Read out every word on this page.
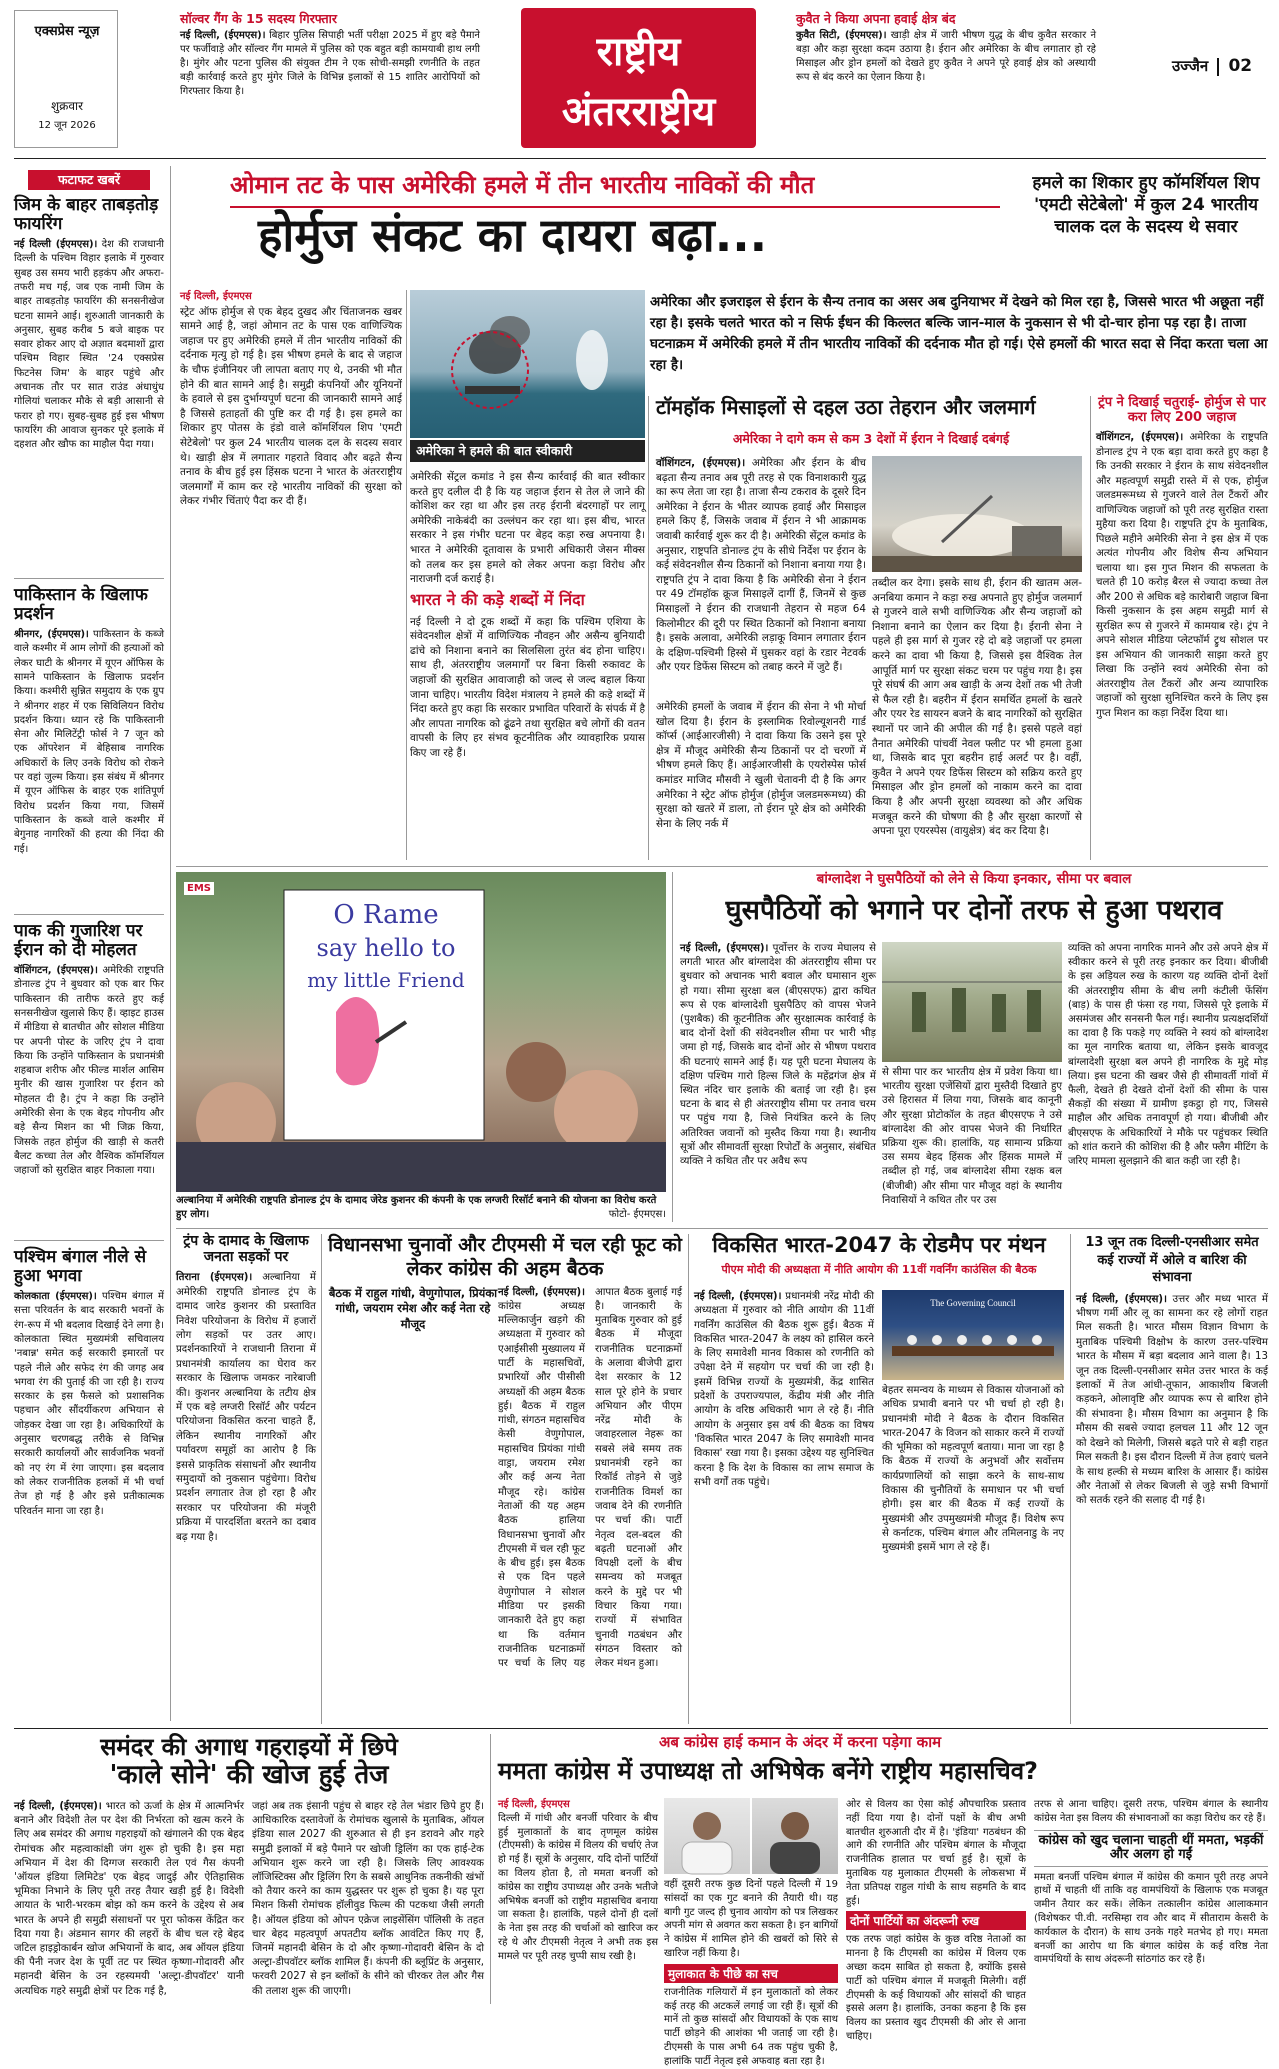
एक्सप्रेस न्यूज़
शुक्रवार
12 जून 2026
सॉल्वर गैंग के 15 सदस्य गिरफ्तार
नई दिल्ली, (ईएमएस)। बिहार पुलिस सिपाही भर्ती परीक्षा 2025 में हुए बड़े पैमाने पर फर्जीवाड़े और सॉल्वर गैंग मामले में पुलिस को एक बहुत बड़ी कामयाबी हाथ लगी है। मुंगेर और पटना पुलिस की संयुक्त टीम ने एक सोची-समझी रणनीति के तहत बड़ी कार्रवाई करते हुए मुंगेर जिले के विभिन्न इलाकों से 15 शातिर आरोपियों को गिरफ्तार किया है।
राष्ट्रीय
अंतरराष्ट्रीय
कुवैत ने किया अपना हवाई क्षेत्र बंद
कुवैत सिटी, (ईएमएस)। खाड़ी क्षेत्र में जारी भीषण युद्ध के बीच कुवैत सरकार ने बड़ा और कड़ा सुरक्षा कदम उठाया है। ईरान और अमेरिका के बीच लगातार हो रहे मिसाइल और ड्रोन हमलों को देखते हुए कुवैत ने अपने पूरे हवाई क्षेत्र को अस्थायी रूप से बंद करने का ऐलान किया है।
उज्जैन 02
फटाफट खबरें
जिम के बाहर ताबड़तोड़ फायरिंग
नई दिल्ली (ईएमएस)। देश की राजधानी दिल्ली के पश्चिम विहार इलाके में गुरुवार सुबह उस समय भारी हड़कंप और अफरा-तफरी मच गई, जब एक नामी जिम के बाहर ताबड़तोड़ फायरिंग की सनसनीखेज घटना सामने आई। शुरुआती जानकारी के अनुसार, सुबह करीब 5 बजे बाइक पर सवार होकर आए दो अज्ञात बदमाशों द्वारा पश्चिम विहार स्थित '24 एक्सप्रेस फिटनेस जिम' के बाहर पहुंचे और अचानक तौर पर सात राउंड अंधाधुंध गोलियां चलाकर मौके से बड़ी आसानी से फरार हो गए। सुबह-सुबह हुई इस भीषण फायरिंग की आवाज सुनकर पूरे इलाके में दहशत और खौफ का माहौल पैदा गया।
पाकिस्तान के खिलाफ प्रदर्शन
श्रीनगर, (ईएमएस)। पाकिस्तान के कब्जे वाले कश्मीर में आम लोगों की हत्याओं को लेकर घाटी के श्रीनगर में यूएन ऑफिस के सामने पाकिस्तान के खिलाफ प्रदर्शन किया। कश्मीरी सुन्नित समुदाय के एक ग्रुप ने श्रीनगर शहर में एक सिविलियन विरोध प्रदर्शन किया। ध्यान रहे कि पाकिस्तानी सेना और मिलिटेंट्री फोर्स ने 7 जून को एक ऑपरेशन में बेहिसाब नागरिक अधिकारों के लिए उनके विरोध को रोकने पर वहां जुल्म किया। इस संबंध में श्रीनगर में यूएन ऑफिस के बाहर एक शांतिपूर्ण विरोध प्रदर्शन किया गया, जिसमें पाकिस्तान के कब्जे वाले कश्मीर में बेगुनाह नागरिकों की हत्या की निंदा की गई।
पाक की गुजारिश पर ईरान को दी मोहलत
वॉशिंगटन, (ईएमएस)। अमेरिकी राष्ट्रपति डोनाल्ड ट्रंप ने बुधवार को एक बार फिर पाकिस्तान की तारीफ करते हुए कई सनसनीखेज खुलासे किए हैं। व्हाइट हाउस में मीडिया से बातचीत और सोशल मीडिया पर अपनी पोस्ट के जरिए ट्रंप ने दावा किया कि उन्होंने पाकिस्तान के प्रधानमंत्री शहबाज शरीफ और फील्ड मार्शल आसिम मुनीर की खास गुजारिश पर ईरान को मोहलत दी है। ट्रंप ने कहा कि उन्होंने अमेरिकी सेना के एक बेहद गोपनीय और बड़े सैन्य मिशन का भी जिक्र किया, जिसके तहत होर्मुज की खाड़ी से कतरी बैलट कच्चा तेल और वैश्विक कॉमर्शियल जहाजों को सुरक्षित बाहर निकाला गया।
पश्चिम बंगाल नीले से हुआ भगवा
कोलकाता (ईएमएस)। पश्चिम बंगाल में सत्ता परिवर्तन के बाद सरकारी भवनों के रंग-रूप में भी बदलाव दिखाई देने लगा है। कोलकाता स्थित मुख्यमंत्री सचिवालय 'नबान्न' समेत कई सरकारी इमारतों पर पहले नीले और सफेद रंग की जगह अब भगवा रंग की पुताई की जा रही है। राज्य सरकार के इस फैसले को प्रशासनिक पहचान और सौंदर्यीकरण अभियान से जोड़कर देखा जा रहा है। अधिकारियों के अनुसार चरणबद्ध तरीके से विभिन्न सरकारी कार्यालयों और सार्वजनिक भवनों को नए रंग में रंगा जाएगा। इस बदलाव को लेकर राजनीतिक हलकों में भी चर्चा तेज हो गई है और इसे प्रतीकात्मक परिवर्तन माना जा रहा है।
ओमान तट के पास अमेरिकी हमले में तीन भारतीय नाविकों की मौत
होर्मुज संकट का दायरा बढ़ा...
हमले का शिकार हुए कॉमर्शियल शिप 'एमटी सेटेबेलो' में कुल 24 भारतीय चालक दल के सदस्य थे सवार
अमेरिका और इजराइल से ईरान के सैन्य तनाव का असर अब दुनियाभर में देखने को मिल रहा है, जिससे भारत भी अछूता नहीं रहा है। इसके चलते भारत को न सिर्फ ईंधन की किल्लत बल्कि जान-माल के नुकसान से भी दो-चार होना पड़ रहा है। ताजा घटनाक्रम में अमेरिकी हमले में तीन भारतीय नाविकों की दर्दनाक मौत हो गई। ऐसे हमलों की भारत सदा से निंदा करता चला आ रहा है।
नई दिल्ली, ईएमएस

स्ट्रेट ऑफ होर्मुज से एक बेहद दुखद और चिंताजनक खबर सामने आई है, जहां ओमान तट के पास एक वाणिज्यिक जहाज पर हुए अमेरिकी हमले में तीन भारतीय नाविकों की दर्दनाक मृत्यु हो गई है। इस भीषण हमले के बाद से जहाज के चौफ इंजीनियर जी लापता बताए गए थे, उनकी भी मौत होने की बात सामने आई है। समुद्री कंपनियों और यूनियनों के हवाले से इस दुर्भाग्यपूर्ण घटना की जानकारी सामने आई है जिससे हताहतों की पुष्टि कर दी गई है। इस हमले का शिकार हुए पोतस के इंडो वाले कॉमर्शियल शिप 'एमटी सेटेबेलो' पर कुल 24 भारतीय चालक दल के सदस्य सवार थे। खाड़ी क्षेत्र में लगातार गहराते विवाद और बढ़ते सैन्य तनाव के बीच हुई इस हिंसक घटना ने भारत के अंतरराष्ट्रीय जलमार्गों में काम कर रहे भारतीय नाविकों की सुरक्षा को लेकर गंभीर चिंताएं पैदा कर दी हैं।

अमेरिका ने हमले की बात स्वीकारी

अमेरिकी सेंट्रल कमांड ने इस सैन्य कार्रवाई की बात स्वीकार करते हुए दलील दी है कि यह जहाज ईरान से तेल ले जाने की कोशिश कर रहा था और इस तरह ईरानी बंदरगाहों पर लागू अमेरिकी नाकेबंदी का उल्लंघन कर रहा था। इस बीच, भारत सरकार ने इस गंभीर घटना पर बेहद कड़ा रुख अपनाया है। भारत ने अमेरिकी दूतावास के प्रभारी अधिकारी जेसन मीक्स को तलब कर इस हमले को लेकर अपना कड़ा विरोध और नाराजगी दर्ज कराई है।

भारत ने की कड़े शब्दों में निंदा

नई दिल्ली ने दो टूक शब्दों में कहा कि पश्चिम एशिया के संवेदनशील क्षेत्रों में वाणिज्यिक नौवहन और असैन्य बुनियादी ढांचे को निशाना बनाने का सिलसिला तुरंत बंद होना चाहिए। साथ ही, अंतरराष्ट्रीय जलमार्गों पर बिना किसी रुकावट के जहाजों की सुरक्षित आवाजाही को जल्द से जल्द बहाल किया जाना चाहिए। भारतीय विदेश मंत्रालय ने हमले की कड़े शब्दों में निंदा करते हुए कहा कि सरकार प्रभावित परिवारों के संपर्क में है और लापता नागरिक को ढूंढने तथा सुरक्षित बचे लोगों की वतन वापसी के लिए हर संभव कूटनीतिक और व्यावहारिक प्रयास किए जा रहे हैं।

टॉमहॉक मिसाइलों से दहल उठा तेहरान और जलमार्ग
अमेरिका ने दागे कम से कम 3 देशों में ईरान ने दिखाई दबंगई
वॉशिंगटन, (ईएमएस)। अमेरिका और ईरान के बीच बढ़ता सैन्य तनाव अब पूरी तरह से एक विनाशकारी युद्ध का रूप लेता जा रहा है। ताजा सैन्य टकराव के दूसरे दिन अमेरिका ने ईरान के भीतर व्यापक हवाई और मिसाइल हमले किए हैं, जिसके जवाब में ईरान ने भी आक्रामक जवाबी कार्रवाई शुरू कर दी है। अमेरिकी सेंट्रल कमांड के अनुसार, राष्ट्रपति डोनाल्ड ट्रंप के सीधे निर्देश पर ईरान के कई संवेदनशील सैन्य ठिकानों को निशाना बनाया गया है। राष्ट्रपति ट्रंप ने दावा किया है कि अमेरिकी सेना ने ईरान पर 49 टॉमहॉक क्रूज मिसाइलें दागीं हैं, जिनमें से कुछ मिसाइलों ने ईरान की राजधानी तेहरान से महज 64 किलोमीटर की दूरी पर स्थित ठिकानों को निशाना बनाया है। इसके अलावा, अमेरिकी लड़ाकू विमान लगातार ईरान के दक्षिण-पश्चिमी हिस्से में घुसकर वहां के रडार नेटवर्क और एयर डिफेंस सिस्टम को तबाह करने में जुटे हैं।
अमेरिकी हमलों के जवाब में ईरान की सेना ने भी मोर्चा खोल दिया है। ईरान के इस्लामिक रिवोल्यूशनरी गार्ड कॉर्प्स (आईआरजीसी) ने दावा किया कि उसने इस पूरे क्षेत्र में मौजूद अमेरिकी सैन्य ठिकानों पर दो चरणों में भीषण हमले किए हैं। आईआरजीसी के एयरोस्पेस फोर्स कमांडर माजिद मौसवी ने खुली चेतावनी दी है कि अगर अमेरिका ने स्ट्रेट ऑफ होर्मुज (होर्मुज जलडमरूमध्य) की सुरक्षा को खतरे में डाला, तो ईरान पूरे क्षेत्र को अमेरिकी सेना के लिए नर्क में
तब्दील कर देगा। इसके साथ ही, ईरान की खातम अल-अनबिया कमान ने कड़ा रुख अपनाते हुए होर्मुज जलमार्ग से गुजरने वाले सभी वाणिज्यिक और सैन्य जहाजों को निशाना बनाने का ऐलान कर दिया है। ईरानी सेना ने पहले ही इस मार्ग से गुजर रहे दो बड़े जहाजों पर हमला करने का दावा भी किया है, जिससे इस वैश्विक तेल आपूर्ति मार्ग पर सुरक्षा संकट चरम पर पहुंच गया है। इस पूरे संघर्ष की आग अब खाड़ी के अन्य देशों तक भी तेजी से फैल रही है। बहरीन में ईरान समर्थित हमलों के खतरे और एयर रेड सायरन बजने के बाद नागरिकों को सुरक्षित स्थानों पर जाने की अपील की गई है। इससे पहले वहां तैनात अमेरिकी पांचवीं नेवल फ्लीट पर भी हमला हुआ था, जिसके बाद पूरा बहरीन हाई अलर्ट पर है। वहीं, कुवैत ने अपने एयर डिफेंस सिस्टम को सक्रिय करते हुए मिसाइल और ड्रोन हमलों को नाकाम करने का दावा किया है और अपनी सुरक्षा व्यवस्था को और अधिक मजबूत करने की घोषणा की है और सुरक्षा कारणों से अपना पूरा एयरस्पेस (वायुक्षेत्र) बंद कर दिया है।
ट्रंप ने दिखाई चतुराई- होर्मुज से पार करा लिए 200 जहाज
वॉशिंगटन, (ईएमएस)। अमेरिका के राष्ट्रपति डोनाल्ड ट्रंप ने एक बड़ा दावा करते हुए कहा है कि उनकी सरकार ने ईरान के साथ संवेदनशील और महत्वपूर्ण समुद्री रास्ते में से एक, होर्मुज जलडमरूमध्य से गुजरने वाले तेल टैंकरों और वाणिज्यिक जहाजों को पूरी तरह सुरक्षित रास्ता मुहैया करा दिया है। राष्ट्रपति ट्रंप के मुताबिक, पिछले महीने अमेरिकी सेना ने इस क्षेत्र में एक अत्यंत गोपनीय और विशेष सैन्य अभियान चलाया था। इस गुप्त मिशन की सफलता के चलते ही 10 करोड़ बैरल से ज्यादा कच्चा तेल और 200 से अधिक बड़े कारोबारी जहाज बिना किसी नुकसान के इस अहम समुद्री मार्ग से सुरक्षित रूप से गुजरने में कामयाब रहे। ट्रंप ने अपने सोशल मीडिया प्लेटफॉर्म ट्रुथ सोशल पर इस अभियान की जानकारी साझा करते हुए लिखा कि उन्होंने स्वयं अमेरिकी सेना को अंतरराष्ट्रीय तेल टैंकरों और अन्य व्यापारिक जहाजों को सुरक्षा सुनिश्चित करने के लिए इस गुप्त मिशन का कड़ा निर्देश दिया था।
O Rame
say hello to
my little Friend
EMS
अल्बानिया में अमेरिकी राष्ट्रपति डोनाल्ड ट्रंप के दामाद जेरेड कुशनर की कंपनी के एक लग्जरी रिसॉर्ट बनाने की योजना का विरोध करते हुए लोग।	फोटो- ईएमएस।
बांग्लादेश ने घुसपैठियों को लेने से किया इनकार, सीमा पर बवाल
घुसपैठियों को भगाने पर दोनों तरफ से हुआ पथराव
नई दिल्ली, (ईएमएस)। पूर्वोत्तर के राज्य मेघालय से लगती भारत और बांग्लादेश की अंतरराष्ट्रीय सीमा पर बुधवार को अचानक भारी बवाल और घमासान शुरू हो गया। सीमा सुरक्षा बल (बीएसएफ) द्वारा कथित रूप से एक बांग्लादेशी घुसपैठिए को वापस भेजने (पुशबैक) की कूटनीतिक और सुरक्षात्मक कार्रवाई के बाद दोनों देशों की संवेदनशील सीमा पर भारी भीड़ जमा हो गई, जिसके बाद दोनों ओर से भीषण पथराव की घटनाएं सामने आई हैं। यह पूरी घटना मेघालय के दक्षिण पश्चिम गारो हिल्स जिले के महेंद्रगंज क्षेत्र में स्थित नंदिर चार इलाके की बताई जा रही है। इस घटना के बाद से ही अंतरराष्ट्रीय सीमा पर तनाव चरम पर पहुंच गया है, जिसे नियंत्रित करने के लिए अतिरिक्त जवानों को मुस्तैद किया गया है। स्थानीय सूत्रों और सीमावर्ती सुरक्षा रिपोर्टों के अनुसार, संबंधित व्यक्ति ने कथित तौर पर अवैध रूप
से सीमा पार कर भारतीय क्षेत्र में प्रवेश किया था। भारतीय सुरक्षा एजेंसियों द्वारा मुस्तैदी दिखाते हुए उसे हिरासत में लिया गया, जिसके बाद कानूनी और सुरक्षा प्रोटोकॉल के तहत बीएसएफ ने उसे बांग्लादेश की ओर वापस भेजने की निर्धारित प्रक्रिया शुरू की। हालांकि, यह सामान्य प्रक्रिया उस समय बेहद हिंसक और हिंसक मामले में तब्दील हो गई, जब बांग्लादेश सीमा रक्षक बल (बीजीबी) और सीमा पार मौजूद वहां के स्थानीय निवासियों ने कथित तौर पर उस
व्यक्ति को अपना नागरिक मानने और उसे अपने क्षेत्र में स्वीकार करने से पूरी तरह इनकार कर दिया। बीजीबी के इस अड़ियल रुख के कारण यह व्यक्ति दोनों देशों की अंतरराष्ट्रीय सीमा के बीच लगी कंटीली फेंसिंग (बाड़) के पास ही फंसा रह गया, जिससे पूरे इलाके में असमंजस और सनसनी फैल गई। स्थानीय प्रत्यक्षदर्शियों का दावा है कि पकड़े गए व्यक्ति ने स्वयं को बांग्लादेश का मूल नागरिक बताया था, लेकिन इसके बावजूद बांग्लादेशी सुरक्षा बल अपने ही नागरिक के मुद्दे मोड़ लिया। इस घटना की खबर जैसे ही सीमावर्ती गांवों में फैली, देखते ही देखते दोनों देशों की सीमा के पास सैकड़ों की संख्या में ग्रामीण इकट्ठा हो गए, जिससे माहौल और अधिक तनावपूर्ण हो गया। बीजीबी और बीएसएफ के अधिकारियों ने मौके पर पहुंचकर स्थिति को शांत कराने की कोशिश की है और फ्लैग मीटिंग के जरिए मामला सुलझाने की बात कही जा रही है।
ट्रंप के दामाद के खिलाफ जनता सड़कों पर
तिराना (ईएमएस)। अल्बानिया में अमेरिकी राष्ट्रपति डोनाल्ड ट्रंप के दामाद जारेड कुशनर की प्रस्तावित निवेश परियोजना के विरोध में हजारों लोग सड़कों पर उतर आए। प्रदर्शनकारियों ने राजधानी तिराना में प्रधानमंत्री कार्यालय का घेराव कर सरकार के खिलाफ जमकर नारेबाजी की। कुशनर अल्बानिया के तटीय क्षेत्र में एक बड़े लग्जरी रिसॉर्ट और पर्यटन परियोजना विकसित करना चाहते हैं, लेकिन स्थानीय नागरिकों और पर्यावरण समूहों का आरोप है कि इससे प्राकृतिक संसाधनों और स्थानीय समुदायों को नुकसान पहुंचेगा। विरोध प्रदर्शन लगातार तेज हो रहा है और सरकार पर परियोजना की मंजूरी प्रक्रिया में पारदर्शिता बरतने का दबाव बढ़ गया है।
विधानसभा चुनावों और टीएमसी में चल रही फूट को लेकर कांग्रेस की अहम बैठक
बैठक में राहुल गांधी, वेणुगोपाल, प्रियंका गांधी, जयराम रमेश और कई नेता रहे मौजूद
नई दिल्ली, (ईएमएस)। कांग्रेस अध्यक्ष मल्लिकार्जुन खड़गे की अध्यक्षता में गुरुवार को एआईसीसी मुख्यालय में पार्टी के महासचिवों, प्रभारियों और पीसीसी अध्यक्षों की अहम बैठक हुई। बैठक में राहुल गांधी, संगठन महासचिव केसी वेणुगोपाल, महासचिव प्रियंका गांधी वाड्रा, जयराम रमेश और कई अन्य नेता मौजूद रहे। कांग्रेस नेताओं की यह अहम बैठक हालिया विधानसभा चुनावों और टीएमसी में चल रही फूट के बीच हुई। इस बैठक से एक दिन पहले वेणुगोपाल ने सोशल मीडिया पर इसकी जानकारी देते हुए कहा था कि वर्तमान राजनीतिक घटनाक्रमों पर चर्चा के लिए यह आपात बैठक बुलाई गई है। जानकारी के मुताबिक गुरुवार को हुई बैठक में मौजूदा राजनीतिक घटनाक्रमों के अलावा बीजेपी द्वारा देश सरकार के 12 साल पूरे होने के प्रचार अभियान और पीएम नरेंद्र मोदी के जवाहरलाल नेहरू का सबसे लंबे समय तक प्रधानमंत्री रहने का रिकॉर्ड तोड़ने से जुड़े राजनीतिक विमर्श का जवाब देने की रणनीति पर चर्चा की। पार्टी नेतृत्व दल-बदल की बढ़ती घटनाओं और विपक्षी दलों के बीच समन्वय को मजबूत करने के मुद्दे पर भी विचार किया गया। राज्यों में संभावित चुनावी गठबंधन और संगठन विस्तार को लेकर मंथन हुआ।
विकसित भारत-2047 के रोडमैप पर मंथन
पीएम मोदी की अध्यक्षता में नीति आयोग की 11वीं गवर्निंग काउंसिल की बैठक
नई दिल्ली, (ईएमएस)। प्रधानमंत्री नरेंद्र मोदी की अध्यक्षता में गुरुवार को नीति आयोग की 11वीं गवर्निंग काउंसिल की बैठक शुरू हुई। बैठक में विकसित भारत-2047 के लक्ष्य को हासिल करने के लिए समावेशी मानव विकास को रणनीति को उपेक्षा देने में सहयोग पर चर्चा की जा रही है। इसमें विभिन्न राज्यों के मुख्यमंत्री, केंद्र शासित प्रदेशों के उपराज्यपाल, केंद्रीय मंत्री और नीति आयोग के वरिष्ठ अधिकारी भाग ले रहे हैं। नीति आयोग के अनुसार इस वर्ष की बैठक का विषय 'विकसित भारत 2047 के लिए समावेशी मानव विकास' रखा गया है। इसका उद्देश्य यह सुनिश्चित करना है कि देश के विकास का लाभ समाज के सभी वर्गों तक पहुंचे।
The Governing Council
बेहतर समन्वय के माध्यम से विकास योजनाओं को अधिक प्रभावी बनाने पर भी चर्चा हो रही है। प्रधानमंत्री मोदी ने बैठक के दौरान विकसित भारत-2047 के विजन को साकार करने में राज्यों की भूमिका को महत्वपूर्ण बताया। माना जा रहा है कि बैठक में राज्यों के अनुभवों और सर्वोत्तम कार्यप्रणालियों को साझा करने के साथ-साथ विकास की चुनौतियों के समाधान पर भी चर्चा होगी। इस बार की बैठक में कई राज्यों के मुख्यमंत्री और उपमुख्यमंत्री मौजूद हैं। विशेष रूप से कर्नाटक, पश्चिम बंगाल और तमिलनाडु के नए मुख्यमंत्री इसमें भाग ले रहे हैं।
13 जून तक दिल्ली-एनसीआर समेत कई राज्यों में ओले व बारिश की संभावना
नई दिल्ली, (ईएमएस)। उत्तर और मध्य भारत में भीषण गर्मी और लू का सामना कर रहे लोगों राहत मिल सकती है। भारत मौसम विज्ञान विभाग के मुताबिक पश्चिमी विक्षोभ के कारण उत्तर-पश्चिम भारत के मौसम में बड़ा बदलाव आने वाला है। 13 जून तक दिल्ली-एनसीआर समेत उत्तर भारत के कई इलाकों में तेज आंधी-तूफान, आकाशीय बिजली कड़कने, ओलावृष्टि और व्यापक रूप से बारिश होने की संभावना है। मौसम विभाग का अनुमान है कि मौसम की सबसे ज्यादा हलचल 11 और 12 जून को देखने को मिलेगी, जिससे बढ़ते पारे से बड़ी राहत मिल सकती है। इस दौरान दिल्ली में तेज हवाएं चलने के साथ हल्की से मध्यम बारिश के आसार हैं। कांग्रेस और नेताओं से लेकर बिजली से जुड़े सभी विभागों को सतर्क रहने की सलाह दी गई है।
समंदर की अगाध गहराइयों में छिपे
'काले सोने' की खोज हुई तेज
नई दिल्ली, (ईएमएस)। भारत को ऊर्जा के क्षेत्र में आत्मनिर्भर बनाने और विदेशी तेल पर देश की निर्भरता को खत्म करने के लिए अब समंदर की अगाध गहराइयों को खंगालने की एक बेहद रोमांचक और महत्वाकांक्षी जंग शुरू हो चुकी है। इस महा अभियान में देश की दिग्गज सरकारी तेल एवं गैस कंपनी 'ऑयल इंडिया लिमिटेड' एक बेहद जादुई और ऐतिहासिक भूमिका निभाने के लिए पूरी तरह तैयार खड़ी हुई है। विदेशी आयात के भारी-भरकम बोझ को कम करने के उद्देश्य से अब भारत के अपने ही समुद्री संसाधनों पर पूरा फोकस केंद्रित कर दिया गया है। अंडमान सागर की लहरों के बीच चल रहे बेहद जटिल हाइड्रोकार्बन खोज अभियानों के बाद, अब ऑयल इंडिया की पैनी नजर देश के पूर्वी तट पर स्थित कृष्णा-गोदावरी और महानदी बेसिन के उन रहस्यमयी 'अल्ट्रा-डीपवॉटर' यानी अत्यधिक गहरे समुद्री क्षेत्रों पर टिक गई है,
जहां अब तक इंसानी पहुंच से बाहर रहे तेल भंडार छिपे हुए हैं। आधिकारिक दस्तावेजों के रोमांचक खुलासे के मुताबिक, ऑयल इंडिया साल 2027 की शुरुआत से ही इन डरावने और गहरे समुद्री इलाकों में बड़े पैमाने पर खोजी ड्रिलिंग का एक हाई-टेक अभियान शुरू करने जा रही है। जिसके लिए आवश्यक लॉजिस्टिक्स और ड्रिलिंग रिग के सबसे आधुनिक तकनीकी खंभों को तैयार करने का काम युद्धस्तर पर शुरू हो चुका है। यह पूरा मिशन किसी रोमांचक हॉलीवुड फिल्म की पटकथा जैसी लगती है। ऑयल इंडिया को ओपन एक्रेज लाइसेंसिंग पॉलिसी के तहत चार बेहद महत्वपूर्ण अपतटीय ब्लॉक आवंटित किए गए हैं, जिनमें महानदी बेसिन के दो और कृष्णा-गोदावरी बेसिन के दो अल्ट्रा-डीपवॉटर ब्लॉक शामिल हैं। कंपनी की ब्लूप्रिंट के अनुसार, फरवरी 2027 से इन ब्लॉकों के सीने को चीरकर तेल और गैस की तलाश शुरू की जाएगी।
अब कांग्रेस हाई कमान के अंदर में करना पड़ेगा काम
ममता कांग्रेस में उपाध्यक्ष तो अभिषेक बनेंगे राष्ट्रीय महासचिव?
नई दिल्ली, ईएमएस
दिल्ली में गांधी और बनर्जी परिवार के बीच हुई मुलाकातों के बाद तृणमूल कांग्रेस (टीएमसी) के कांग्रेस में विलय की चर्चाएं तेज हो गई हैं। सूत्रों के अनुसार, यदि दोनों पार्टियों का विलय होता है, तो ममता बनर्जी को कांग्रेस का राष्ट्रीय उपाध्यक्ष और उनके भतीजे अभिषेक बनर्जी को राष्ट्रीय महासचिव बनाया जा सकता है। हालांकि, पहले दोनों ही दलों के नेता इस तरह की चर्चाओं को खारिज कर रहे थे और टीएमसी नेतृत्व ने अभी तक इस मामले पर पूरी तरह चुप्पी साध रखी है।
वहीं दूसरी तरफ कुछ दिनों पहले दिल्ली में 19 सांसदों का एक गुट बनाने की तैयारी थी। यह बागी गुट जल्द ही चुनाव आयोग को पत्र लिखकर अपनी मांग से अवगत करा सकता है। इन बागियों ने कांग्रेस में शामिल होने की खबरों को सिरे से खारिज नहीं किया है।
मुलाकात के पीछे का सच
राजनीतिक गलियारों में इन मुलाकातों को लेकर कई तरह की अटकलें लगाई जा रही हैं। सूत्रों की मानें तो कुछ सांसदों और विधायकों के एक साथ पार्टी छोड़ने की आशंका भी जताई जा रही है। टीएमसी के पास अभी 64 तक पहुंच चुकी है, हालांकि पार्टी नेतृत्व इसे अफवाह बता रहा है।
ओर से विलय का ऐसा कोई औपचारिक प्रस्ताव नहीं दिया गया है। दोनों पक्षों के बीच अभी बातचीत शुरुआती दौर में है। 'इंडिया' गठबंधन की आगे की रणनीति और पश्चिम बंगाल के मौजूदा राजनीतिक हालात पर चर्चा हुई है। सूत्रों के मुताबिक यह मुलाकात टीएमसी के लोकसभा में नेता प्रतिपक्ष राहुल गांधी के साथ सहमति के बाद हुई।
दोनों पार्टियों का अंदरूनी रुख
एक तरफ जहां कांग्रेस के कुछ वरिष्ठ नेताओं का मानना है कि टीएमसी का कांग्रेस में विलय एक अच्छा कदम साबित हो सकता है, क्योंकि इससे पार्टी को पश्चिम बंगाल में मजबूती मिलेगी। वहीं टीएमसी के कई विधायकों और सांसदों की चाहत इससे अलग है। हालांकि, उनका कहना है कि इस विलय का प्रस्ताव खुद टीएमसी की ओर से आना चाहिए।
तरफ से आना चाहिए। दूसरी तरफ, पश्चिम बंगाल के स्थानीय कांग्रेस नेता इस विलय की संभावनाओं का कड़ा विरोध कर रहे हैं।
कांग्रेस को खुद चलाना चाहती थीं ममता, भड़कीं और अलग हो गईं
ममता बनर्जी पश्चिम बंगाल में कांग्रेस की कमान पूरी तरह अपने हाथों में चाहती थीं ताकि वह वामपंथियों के खिलाफ एक मजबूत जमीन तैयार कर सकें। लेकिन तत्कालीन कांग्रेस आलाकमान (विशेषकर पी.वी. नरसिम्हा राव और बाद में सीताराम केसरी के कार्यकाल के दौरान) के साथ उनके गहरे मतभेद हो गए। ममता बनर्जी का आरोप था कि बंगाल कांग्रेस के कई वरिष्ठ नेता वामपंथियों के साथ अंदरूनी सांठगांठ कर रहे हैं।
